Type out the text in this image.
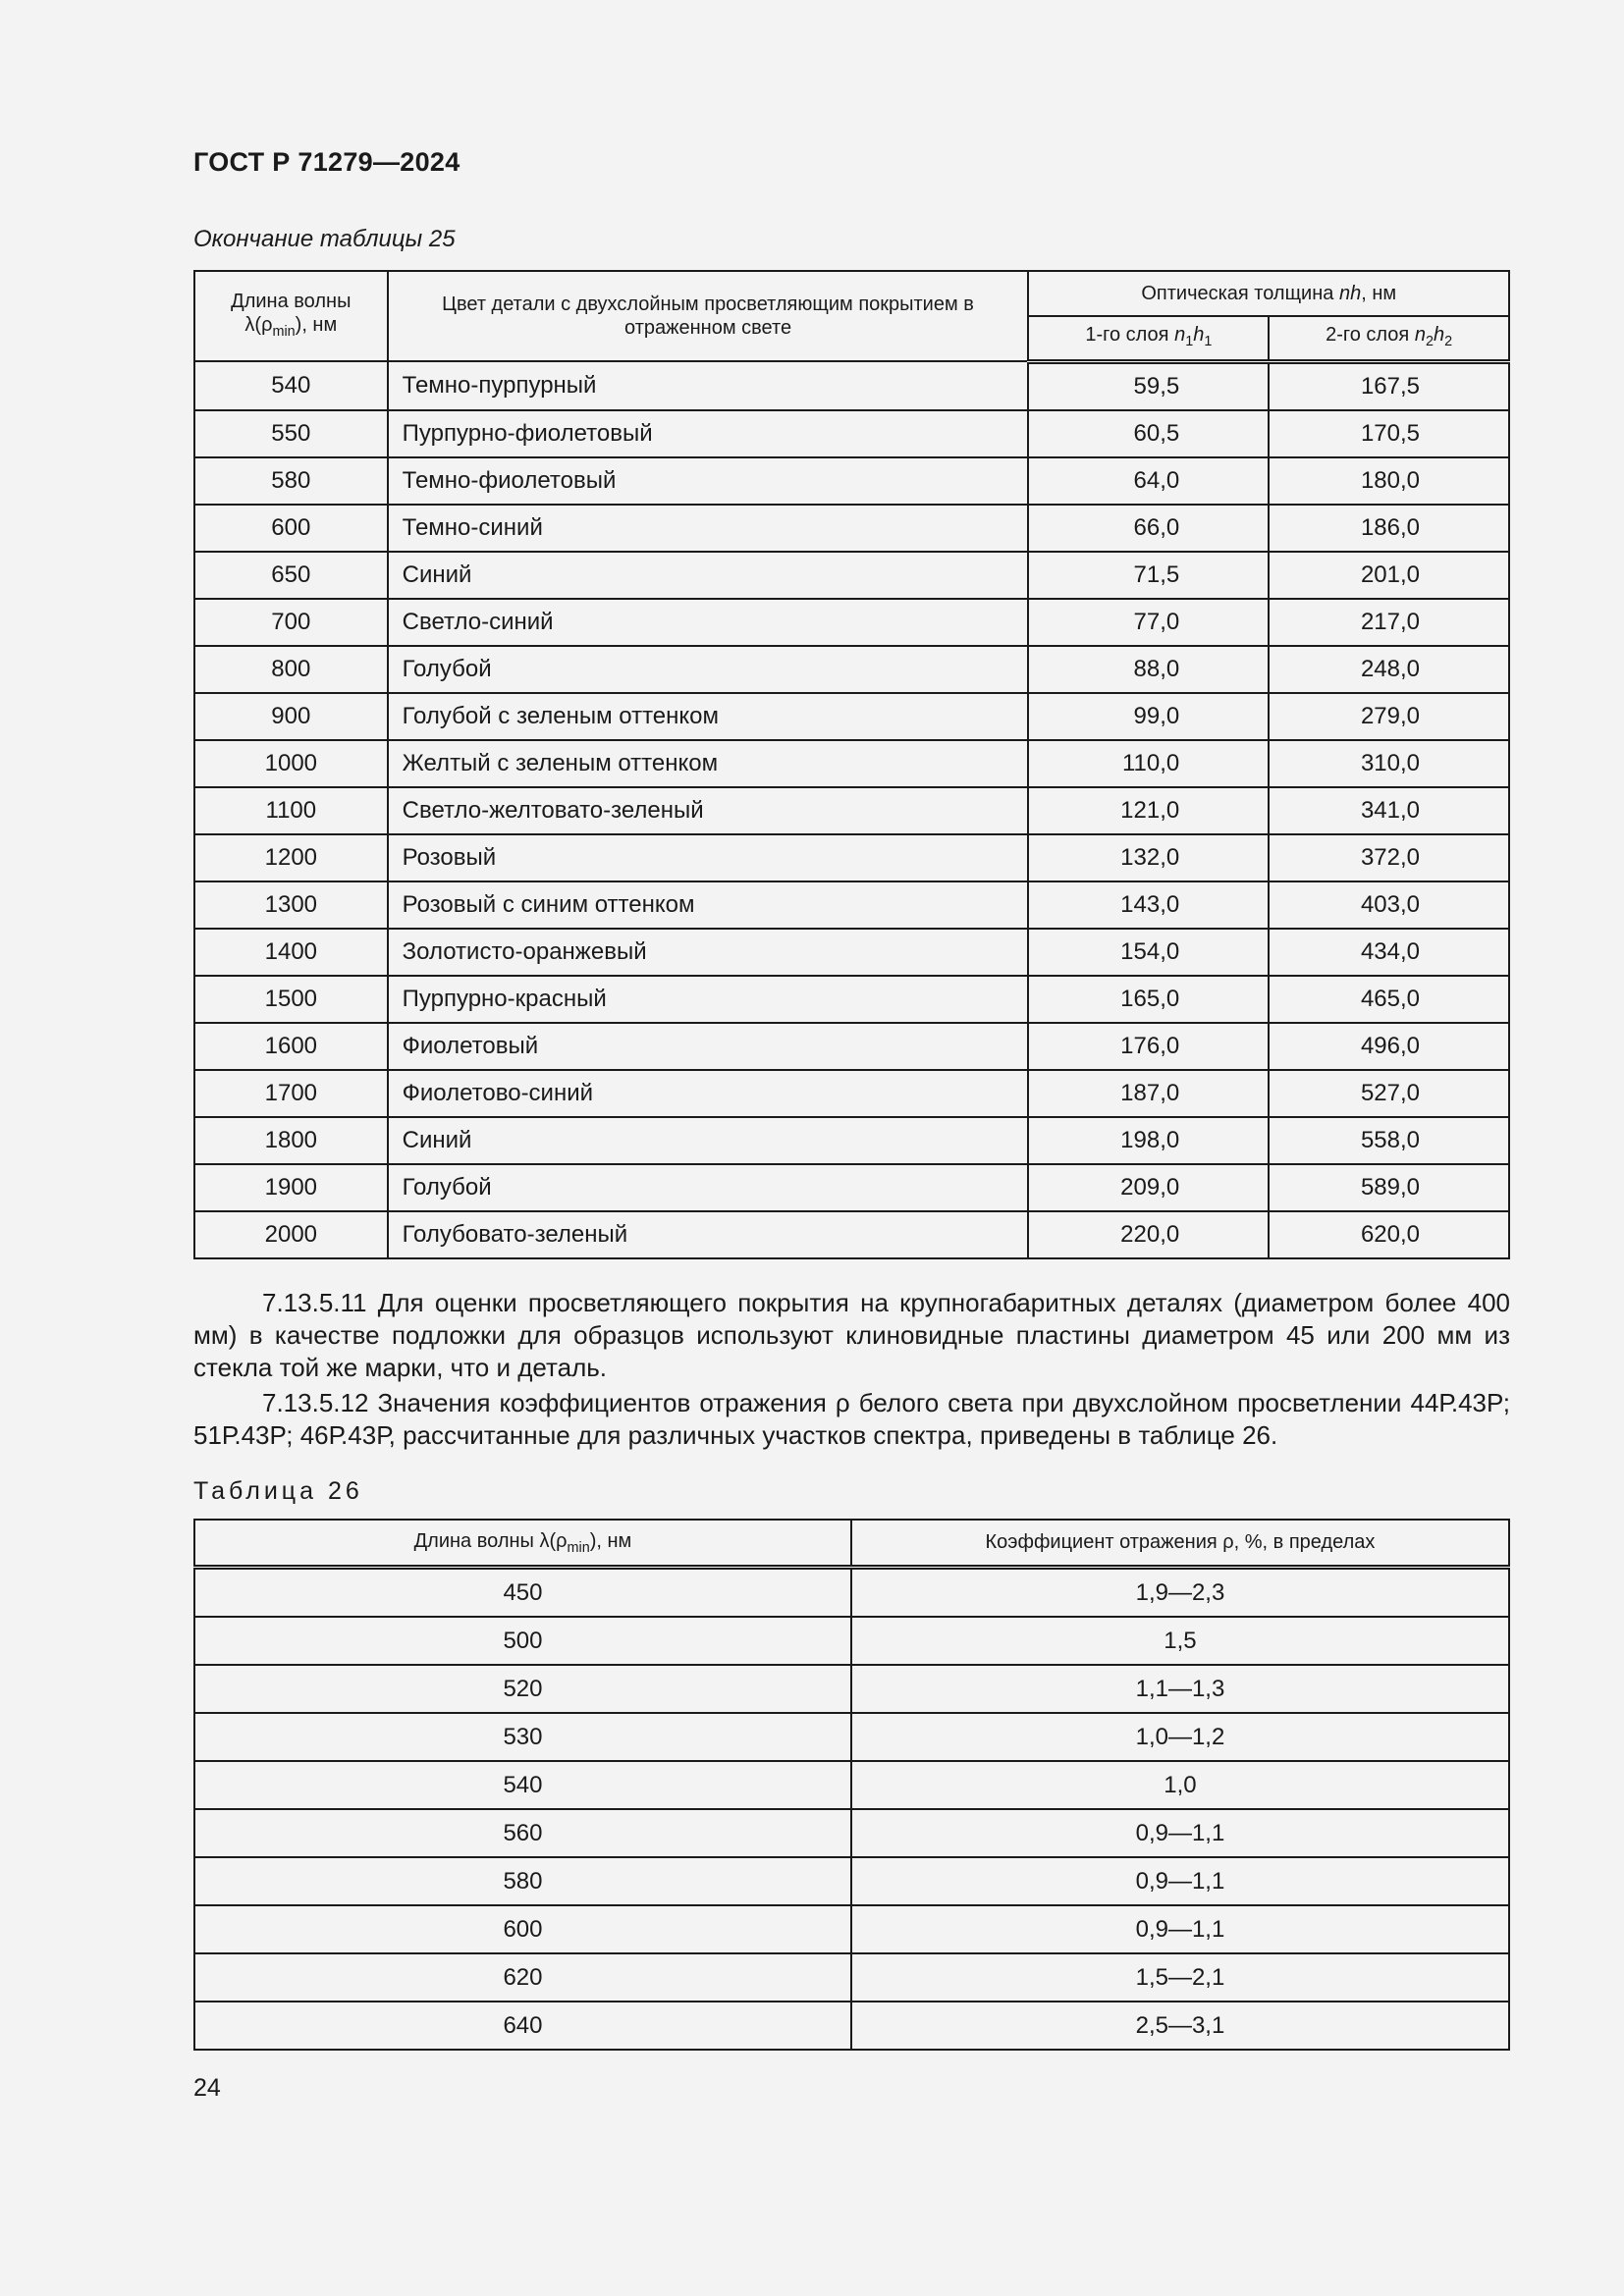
ГОСТ Р 71279—2024
Окончание таблицы 25
Длина волны
$\lambda(\rho_{min})$, нм	Цвет детали с двухслойным просветляющим покрытием в отраженном свете	Оптическая толщина nh, нм	
		1-го слоя $n_1h_1$	2-го слоя $n_2h_2$
540	Темно-пурпурный	59,5	167,5
550	Пурпурно-фиолетовый	60,5	170,5
580	Темно-фиолетовый	64,0	180,0
600	Темно-синий	66,0	186,0
650	Синий	71,5	201,0
700	Светло-синий	77,0	217,0
800	Голубой	88,0	248,0
900	Голубой с зеленым оттенком	99,0	279,0
1000	Желтый с зеленым оттенком	110,0	310,0
1100	Светло-желтовато-зеленый	121,0	341,0
1200	Розовый	132,0	372,0
1300	Розовый с синим оттенком	143,0	403,0
1400	Золотисто-оранжевый	154,0	434,0
1500	Пурпурно-красный	165,0	465,0
1600	Фиолетовый	176,0	496,0
1700	Фиолетово-синий	187,0	527,0
1800	Синий	198,0	558,0
1900	Голубой	209,0	589,0
2000	Голубовато-зеленый	220,0	620,0
7.13.5.11 Для оценки просветляющего покрытия на крупногабаритных деталях (диаметром более 400 мм) в качестве подложки для образцов используют клиновидные пластины диаметром 45 или 200 мм из стекла той же марки, что и деталь.
7.13.5.12 Значения коэффициентов отражения ρ белого света при двухслойном просветлении 44Р.43Р; 51Р.43Р; 46Р.43Р, рассчитанные для различных участков спектра, приведены в таблице 26.
Таблица 26
Длина волны $\lambda(\rho_{min})$, нм	Коэффициент отражения ρ, %, в пределах
450	1,9—2,3
500	1,5
520	1,1—1,3
530	1,0—1,2
540	1,0
560	0,9—1,1
580	0,9—1,1
600	0,9—1,1
620	1,5—2,1
640	2,5—3,1
24
